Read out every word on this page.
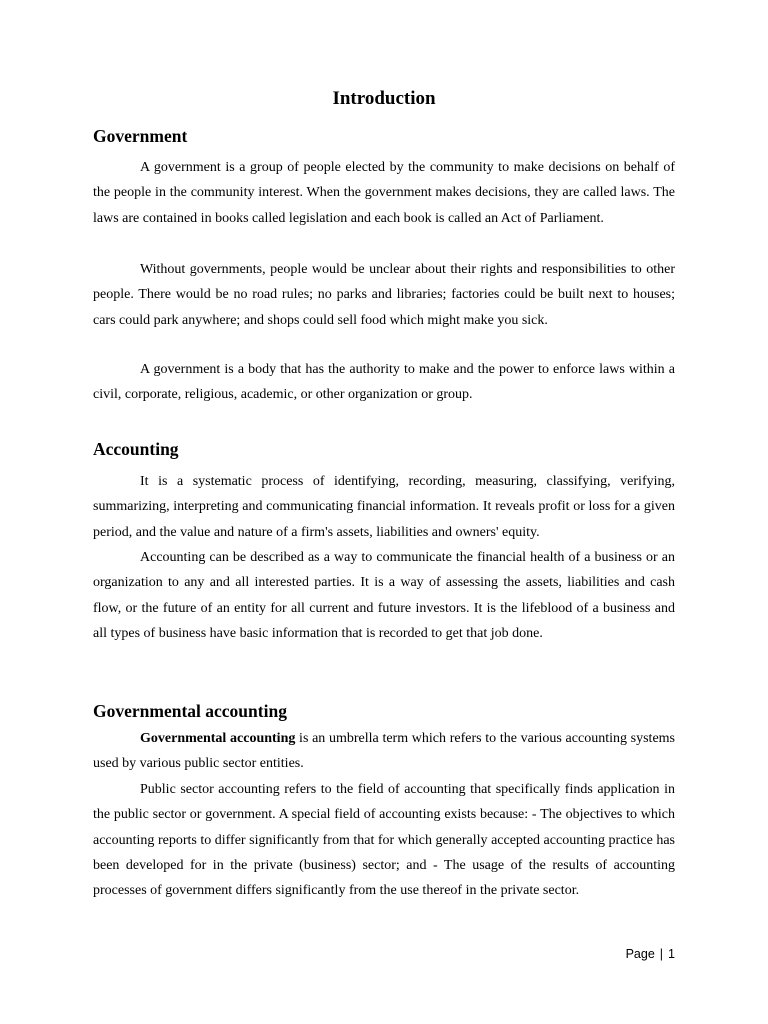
Introduction
Government

A government is a group of people elected by the community to make decisions on behalf of the people in the community interest. When the government makes decisions, they are called laws. The laws are contained in books called legislation and each book is called an Act of Parliament.

Without governments, people would be unclear about their rights and responsibilities to other people. There would be no road rules; no parks and libraries; factories could be built next to houses; cars could park anywhere; and shops could sell food which might make you sick.

A government is a body that has the authority to make and the power to enforce laws within a civil, corporate, religious, academic, or other organization or group.

Accounting

It is a systematic process of identifying, recording, measuring, classifying, verifying, summarizing, interpreting and communicating financial information. It reveals profit or loss for a given period, and the value and nature of a firm's assets, liabilities and owners' equity.

Accounting can be described as a way to communicate the financial health of a business or an organization to any and all interested parties. It is a way of assessing the assets, liabilities and cash flow, or the future of an entity for all current and future investors. It is the lifeblood of a business and all types of business have basic information that is recorded to get that job done.

Governmental accounting

Governmental accounting is an umbrella term which refers to the various accounting systems used by various public sector entities.

Public sector accounting refers to the field of accounting that specifically finds application in the public sector or government. A special field of accounting exists because: - The objectives to which accounting reports to differ significantly from that for which generally accepted accounting practice has been developed for in the private (business) sector; and - The usage of the results of accounting processes of government differs significantly from the use thereof in the private sector.

Page | 1
